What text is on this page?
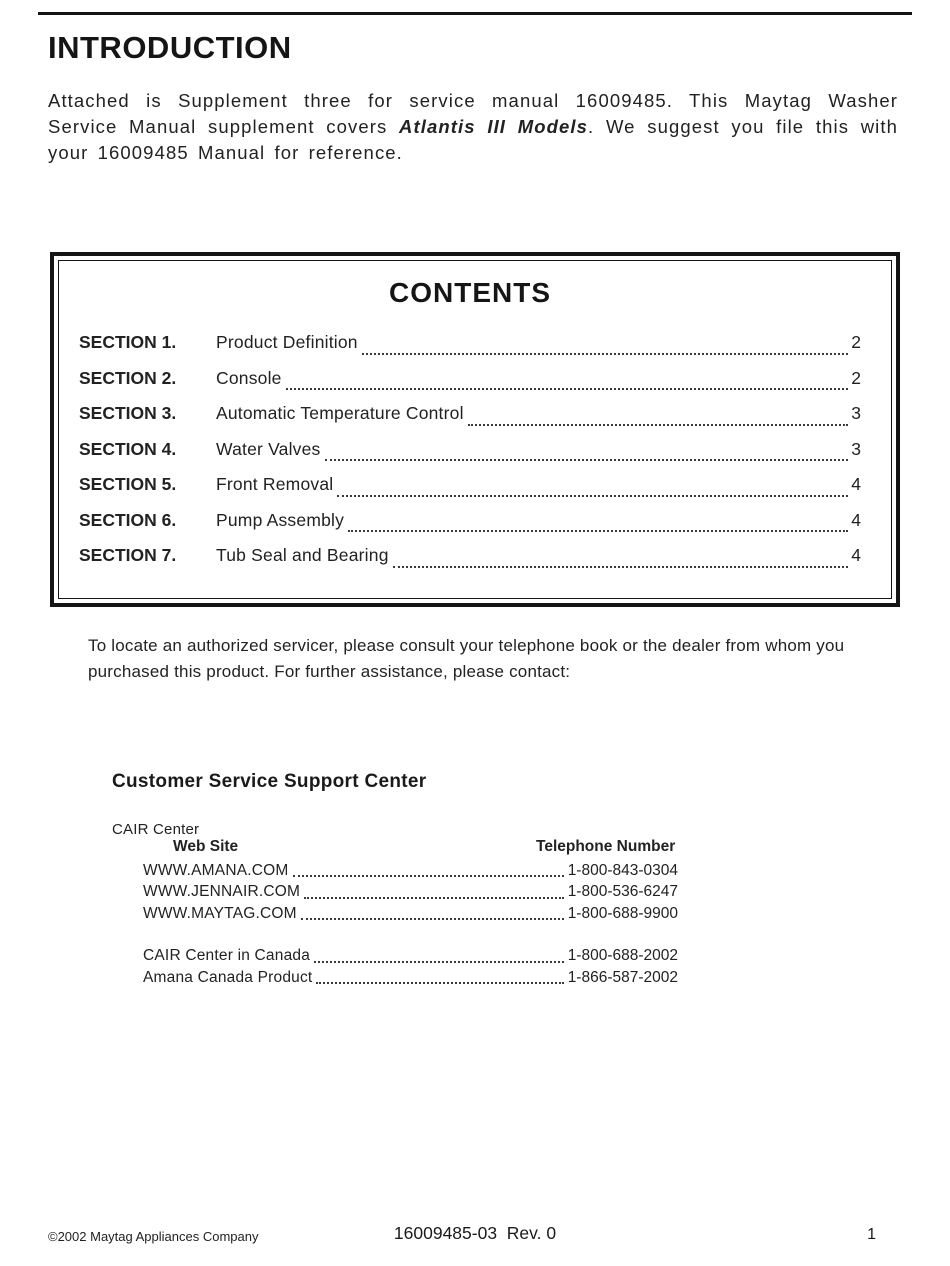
INTRODUCTION

Attached is Supplement three for service manual 16009485. This Maytag Washer Service Manual supplement covers Atlantis III Models. We suggest you file this with your 16009485 Manual for reference.

CONTENTS
SECTION 1.	Product Definition	2
SECTION 2.	Console	2
SECTION 3.	Automatic Temperature Control	3
SECTION 4.	Water Valves	3
SECTION 5.	Front Removal	4
SECTION 6.	Pump Assembly	4
SECTION 7.	Tub Seal and Bearing	4

To locate an authorized servicer, please consult your telephone book or the dealer from whom you purchased this product. For further assistance, please contact:

Customer Service Support Center
CAIR Center
Web Site	Telephone Number
WWW.AMANA.COM	1-800-843-0304
WWW.JENNAIR.COM	1-800-536-6247
WWW.MAYTAG.COM	1-800-688-9900
CAIR Center in Canada	1-800-688-2002
Amana Canada Product	1-866-587-2002
©2002 Maytag Appliances Company	16009485-03  Rev. 0	1
